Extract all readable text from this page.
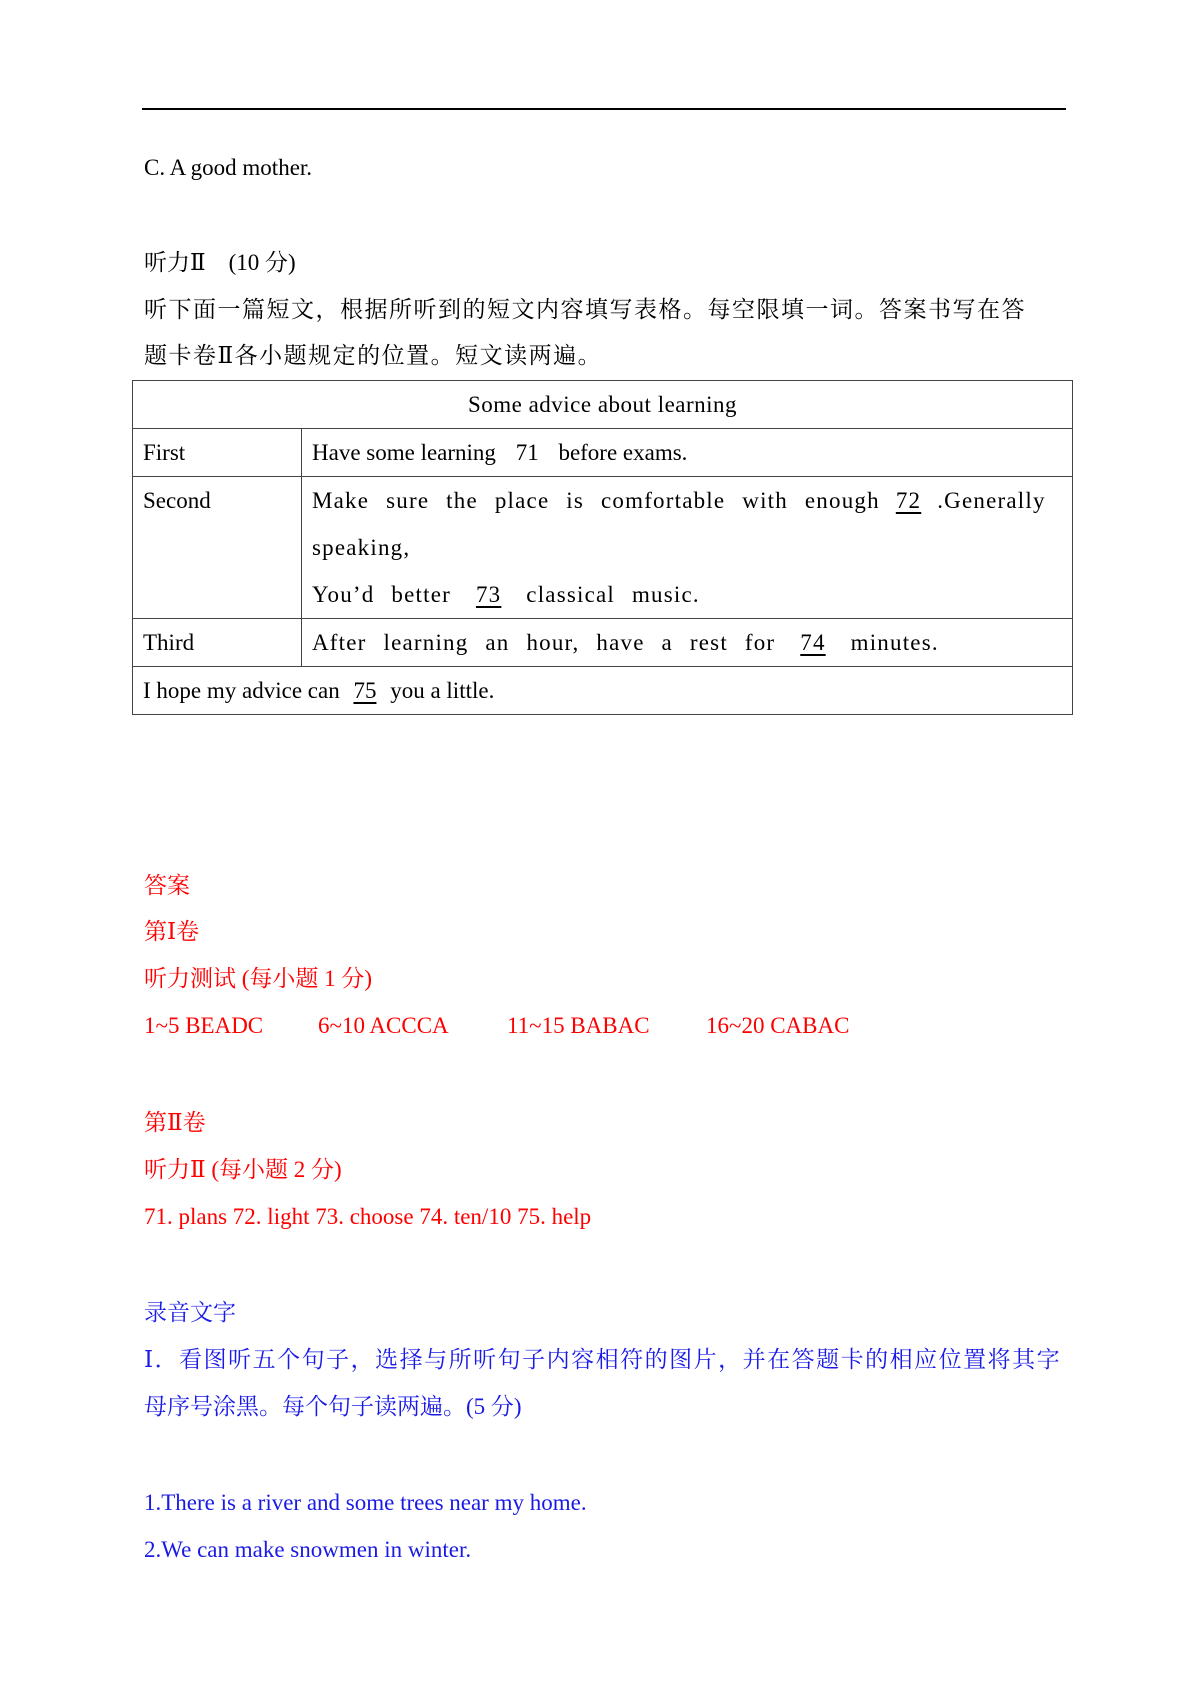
C. A good mother.
听力Ⅱ　(10 分)
听下面一篇短文，根据所听到的短文内容填写表格。每空限填一词。答案书写在答
题卡卷Ⅱ各小题规定的位置。短文读两遍。
Some advice about learning	
First	Have some learning 71 before exams.
Second	Make sure the place is comfortable with enough 72 .Generally
speaking,
You’d better 73 classical music.

Third	After learning an hour, have a rest for 74 minutes.
I hope my advice can 75 you a little.	
答案
第Ⅰ卷
听力测试 (每小题 1 分)
1~5 BEADC 6~10 ACCCA	11~15 BABAC 16~20 CABAC
第Ⅱ卷
听力Ⅱ (每小题 2 分)
71. plans 72. light 73. choose 74. ten/10 75. help
录音文字
Ⅰ．看图听五个句子，选择与所听句子内容相符的图片，并在答题卡的相应位置将其字
母序号涂黑。每个句子读两遍。(5 分)
1.There is a river and some trees near my home.
2.We can make snowmen in winter.
